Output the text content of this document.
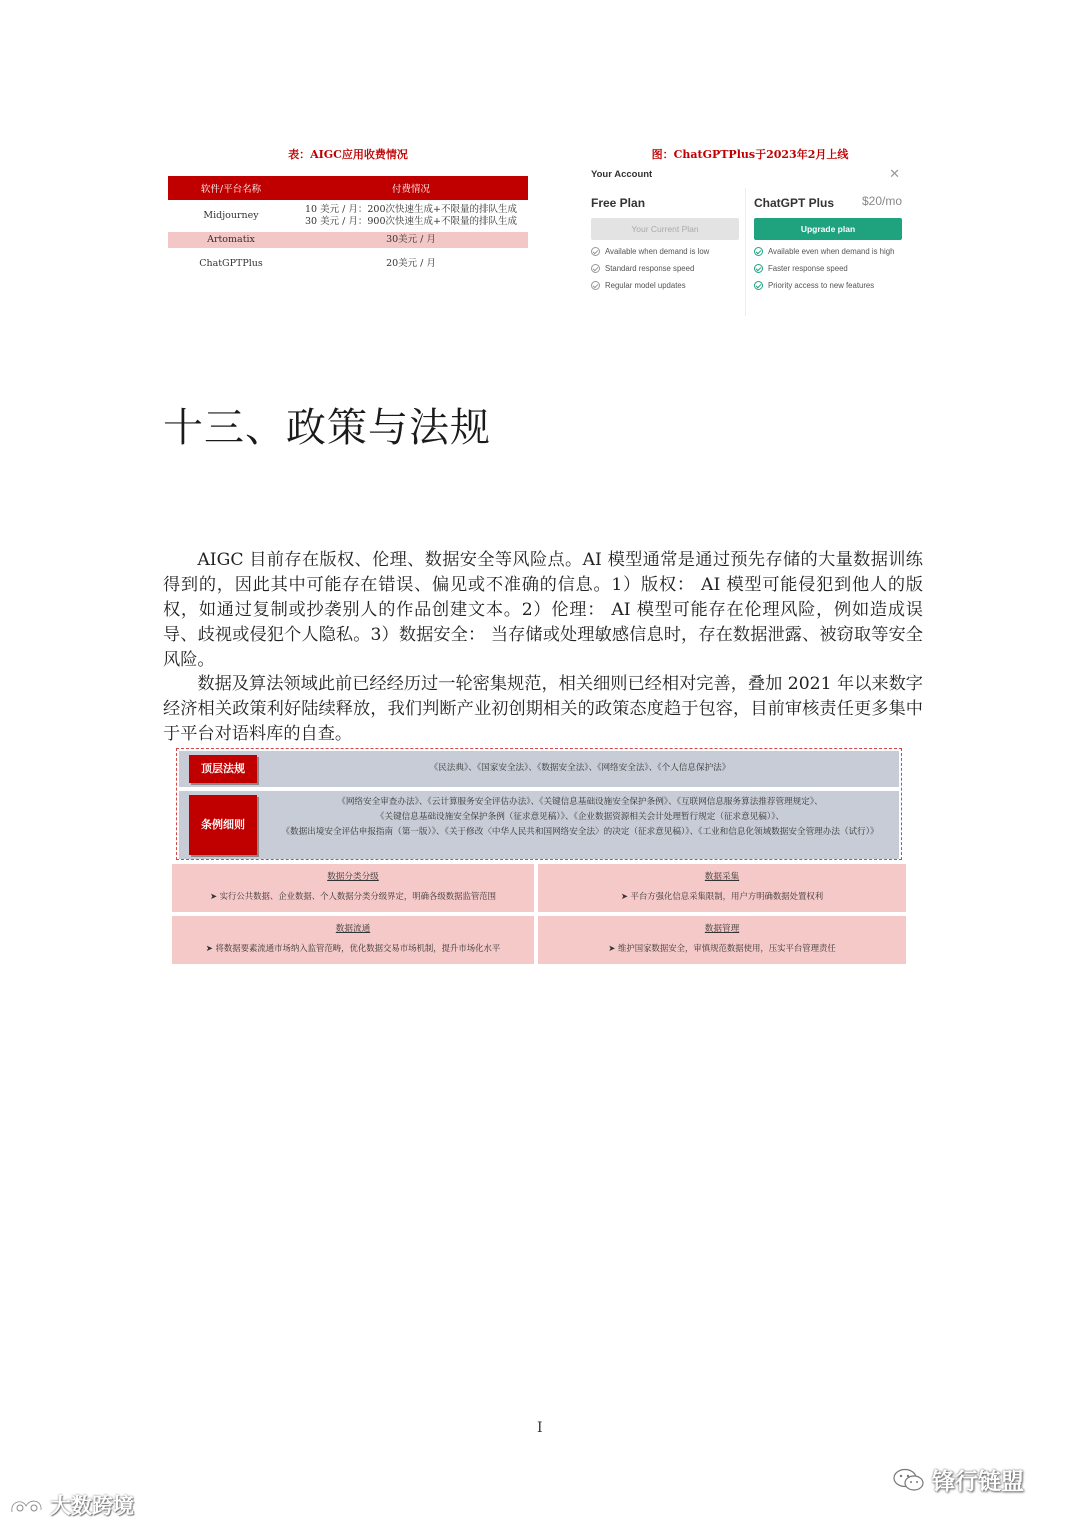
表：AIGC应用收费情况
软件/平台名称	付费情况
Midjourney	10 美元 / 月：200次快速生成+不限量的排队生成
30 美元 / 月：900次快速生成+不限量的排队生成

Artomatix	30美元 / 月
ChatGPTPlus	20美元 / 月
图：ChatGPTPlus于2023年2月上线
Your Account	✕
Free Plan
Your Current Plan
Available when demand is low
Standard response speed
Regular model updates
ChatGPT Plus	$20/mo
Upgrade plan
Available even when demand is high
Faster response speed
Priority access to new features
十三、政策与法规

AIGC 目前存在版权、伦理、数据安全等风险点。AI 模型通常是通过预先存储的大量数据训练得到的，因此其中可能存在错误、偏见或不准确的信息。1）版权： AI 模型可能侵犯到他人的版权，如通过复制或抄袭别人的作品创建文本。2）伦理： AI 模型可能存在伦理风险，例如造成误导、歧视或侵犯个人隐私。3）数据安全： 当存储或处理敏感信息时，存在数据泄露、被窃取等安全风险。

数据及算法领域此前已经经历过一轮密集规范，相关细则已经相对完善，叠加 2021 年以来数字经济相关政策利好陆续释放，我们判断产业初创期相关的政策态度趋于包容，目前审核责任更多集中于平台对语料库的自查。

顶层法规	《民法典》、《国家安全法》、《数据安全法》、《网络安全法》、《个人信息保护法》
条例细则
《网络安全审查办法》、《云计算服务安全评估办法》、《关键信息基础设施安全保护条例》、《互联网信息服务算法推荐管理规定》、
《关键信息基础设施安全保护条例（征求意见稿）》、《企业数据资源相关会计处理暂行规定（征求意见稿）》、
《数据出境安全评估申报指南（第一版）》、《关于修改〈中华人民共和国网络安全法〉的决定（征求意见稿）》、《工业和信息化领域数据安全管理办法（试行）》
数据分类分级
➤ 实行公共数据、企业数据、个人数据分类分级界定，明确各级数据监管范围
数据采集
➤ 平台方强化信息采集限制，用户方明确数据处置权利
数据流通
➤ 将数据要素流通市场纳入监管范畴，优化数据交易市场机制，提升市场化水平
数据管理
➤ 维护国家数据安全，审慎规范数据使用，压实平台管理责任
I
大数跨境
锋行链盟
